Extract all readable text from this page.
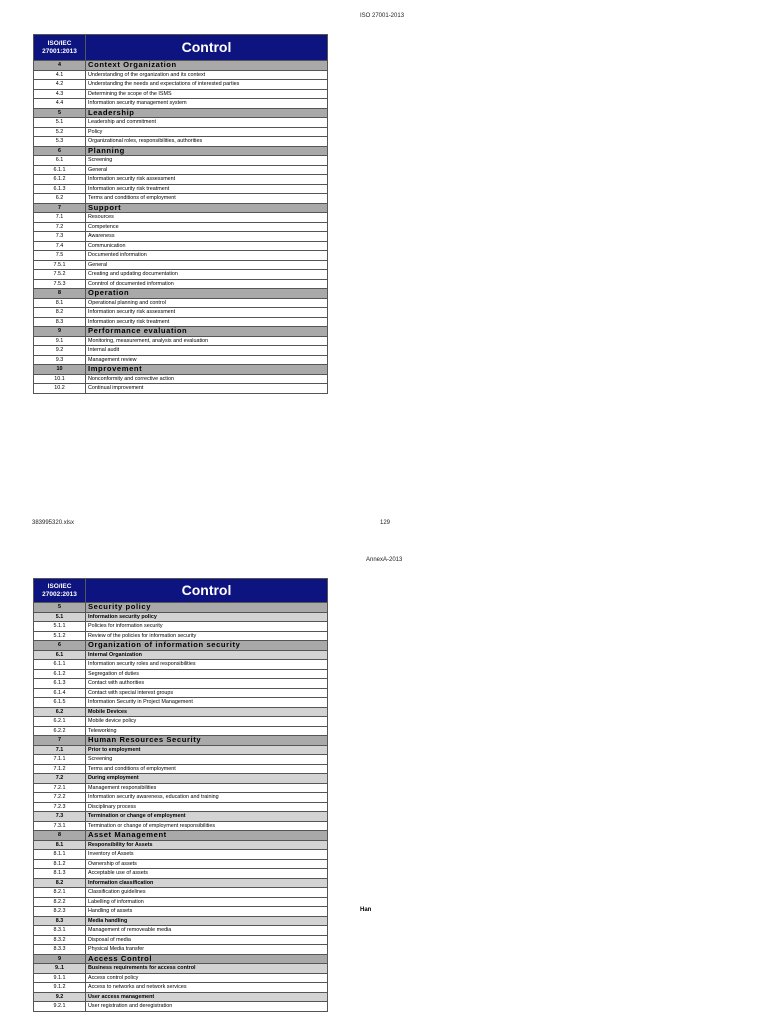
ISO 27001-2013
ISO/IEC 27001:2013	Control
4	Context Organization
4.1	Understanding of the organization and its context
4.2	Understanding the needs and expectations of interested parties
4.3	Determining the scope of the ISMS
4.4	Information security management system
5	Leadership
5.1	Leadership and commitment
5.2	Policy
5.3	Organizational roles, responsibilities, authorities
6	Planning
6.1	Screening
6.1.1	General
6.1.2	Information security risk assessment
6.1.3	Information security risk treatment
6.2	Terms and conditions of employment
7	Support
7.1	Resources
7.2	Competence
7.3	Awareness
7.4	Communication
7.5	Documented information
7.5.1	General
7.5.2	Creating and updating documentation
7.5.3	Conntrol of documented information
8	Operation
8.1	Operational planning and control
8.2	Information security risk assessment
8.3	Information security risk treatment
9	Performance evaluation
9.1	Monitoring, measurement, analysis and evaluation
9.2	Internal audit
9.3	Management review
10	Improvement
10.1	Nonconformity and corrective action
10.2	Continual improvement
383995320.xlsx	129
AnnexA-2013
ISO/IEC 27002:2013	Control
5	Security policy
5.1	Information security policy
5.1.1	Policies for information security
5.1.2	Review of the policies for information security
6	Organization of information security
6.1	Internal Organization
6.1.1	Information security roles and responsibilities
6.1.2	Segregation of duties
6.1.3	Contact with authorities
6.1.4	Contact with special interest groups
6.1.5	Information Security in Project Management
6.2	Mobile Devices
6.2.1	Mobile device policy
6.2.2	Teleworking
7	Human Resources Security
7.1	Prior to employment
7.1.1	Screening
7.1.2	Terms and conditions of employment
7.2	During employment
7.2.1	Management responsibilities
7.2.2	Information security awareness, education and training
7.2.3	Disciplinary process
7.3	Termination or change of employment
7.3.1	Termination or change of employment responsibilities
8	Asset Management
8.1	Responsibility for Assets
8.1.1	Inventory of Assets
8.1.2	Ownership of assets
8.1.3	Acceptable use of assets
8.2	Information classification
8.2.1	Classification guidelines
8.2.2	Labelling of information
8.2.3	Handling of assets
8.3	Media handling
8.3.1	Management of removeable media
8.3.2	Disposal of media
8.3.3	Physical Media transfer
9	Access Control
9..1	Business requirements for access control
9.1.1	Access control policy
9.1.2	Access to networks and network services
9.2	User access management
9.2.1	User registration and deregistration
Han
